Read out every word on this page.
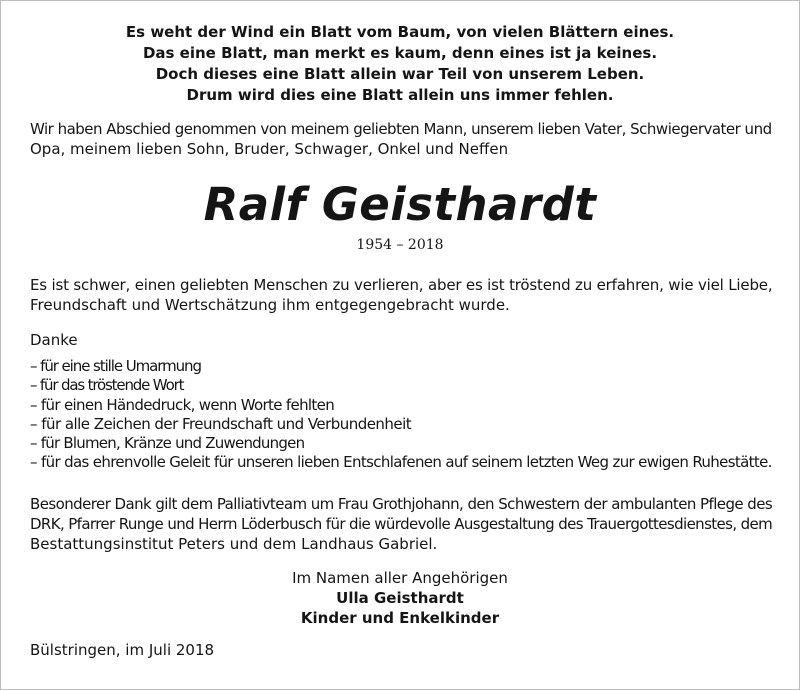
Es weht der Wind ein Blatt vom Baum, von vielen Blättern eines.
Das eine Blatt, man merkt es kaum, denn eines ist ja keines.
Doch dieses eine Blatt allein war Teil von unserem Leben.
Drum wird dies eine Blatt allein uns immer fehlen.
Wir haben Abschied genommen von meinem geliebten Mann, unserem lieben Vater, Schwiegervater und
Opa, meinem lieben Sohn, Bruder, Schwager, Onkel und Neffen
Ralf Geisthardt
1954 – 2018
Es ist schwer, einen geliebten Menschen zu verlieren, aber es ist tröstend zu erfahren, wie viel Liebe,
Freundschaft und Wertschätzung ihm entgegengebracht wurde.
Danke
– für eine stille Umarmung
– für das tröstende Wort
– für einen Händedruck, wenn Worte fehlten
– für alle Zeichen der Freundschaft und Verbundenheit
– für Blumen, Kränze und Zuwendungen
– für das ehrenvolle Geleit für unseren lieben Entschlafenen auf seinem letzten Weg zur ewigen Ruhestätte.
Besonderer Dank gilt dem Palliativteam um Frau Grothjohann, den Schwestern der ambulanten Pflege des
DRK, Pfarrer Runge und Herrn Löderbusch für die würdevolle Ausgestaltung des Trauergottesdienstes, dem
Bestattungsinstitut Peters und dem Landhaus Gabriel.
Im Namen aller Angehörigen
Ulla Geisthardt
Kinder und Enkelkinder
Bülstringen, im Juli 2018
